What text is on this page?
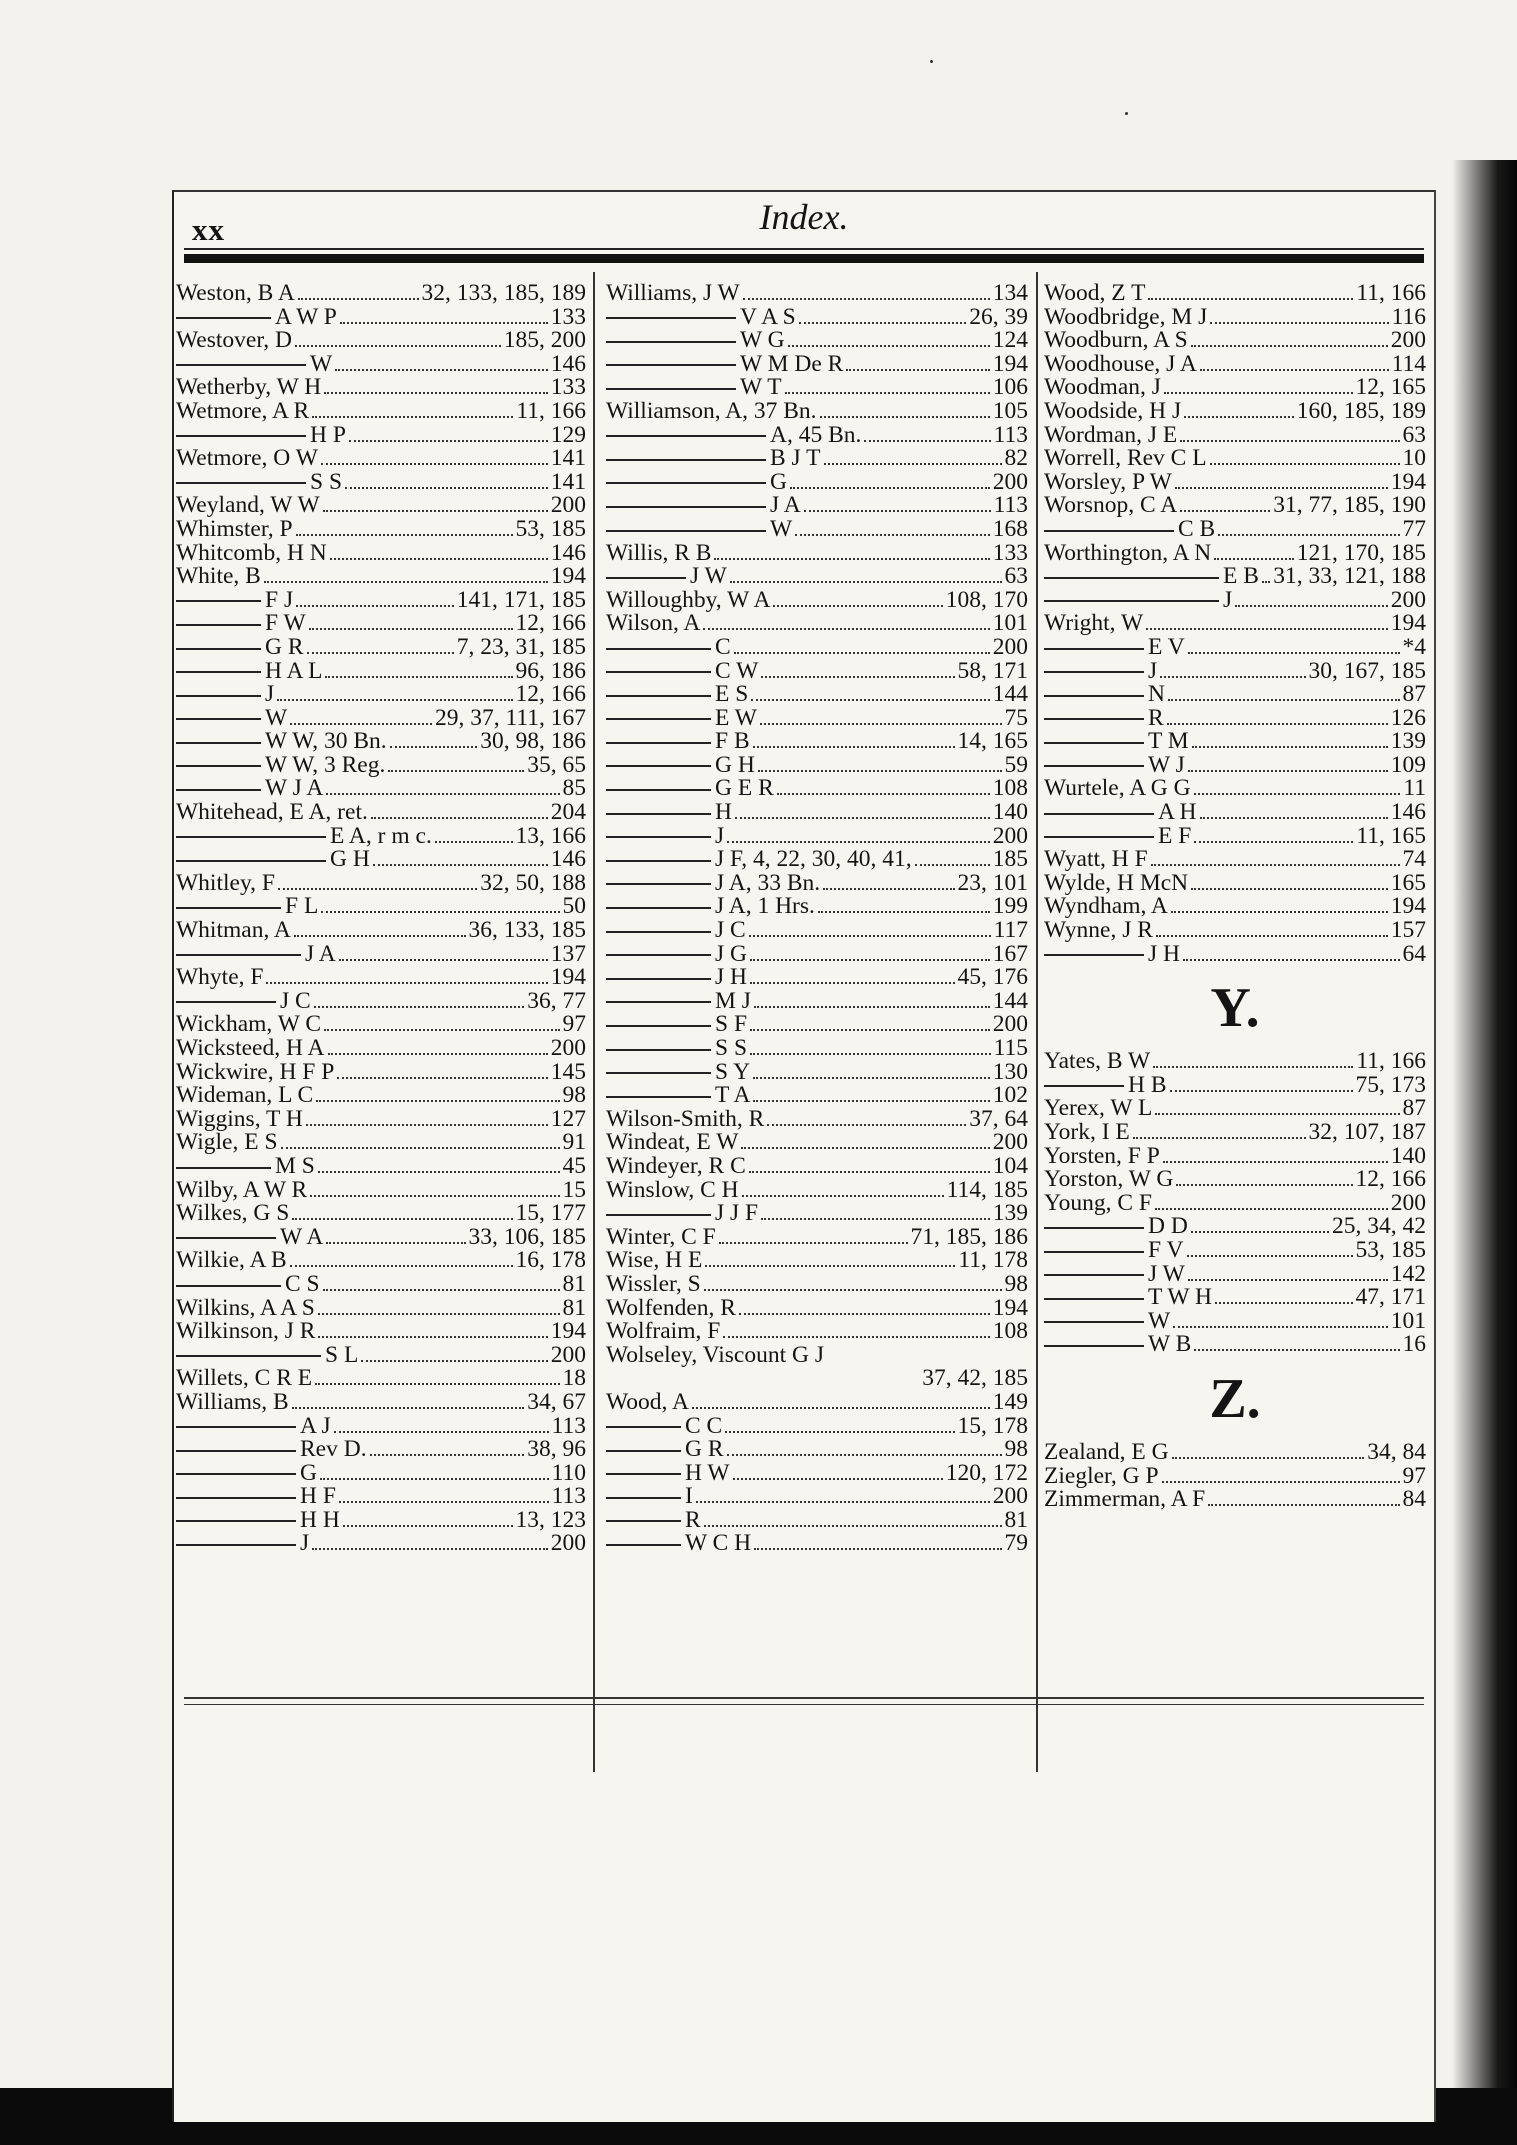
xx	Index.
Weston, B A	32, 133, 185, 189
A W P	133
Westover, D	185, 200
W	146
Wetherby, W H	133
Wetmore, A R	11, 166
H P	129
Wetmore, O W	141
S S	141
Weyland, W W	200
Whimster, P	53, 185
Whitcomb, H N	146
White, B	194
F J	141, 171, 185
F W	12, 166
G R	7, 23, 31, 185
H A L	96, 186
J	12, 166
W	29, 37, 111, 167
W W, 30 Bn.	30, 98, 186
W W, 3 Reg.	35, 65
W J A	85
Whitehead, E A, ret.	204
E A, r m c.	13, 166
G H	146
Whitley, F	32, 50, 188
F L	50
Whitman, A	36, 133, 185
J A	137
Whyte, F	194
J C	36, 77
Wickham, W C	97
Wicksteed, H A	200
Wickwire, H F P	145
Wideman, L C	98
Wiggins, T H	127
Wigle, E S	91
M S	45
Wilby, A W R	15
Wilkes, G S	15, 177
W A	33, 106, 185
Wilkie, A B	16, 178
C S	81
Wilkins, A A S	81
Wilkinson, J R	194
S L	200
Willets, C R E	18
Williams, B	34, 67
A J	113
Rev D.	38, 96
G	110
H F	113
H H	13, 123
J	200
Williams, J W	134
V A S	26, 39
W G	124
W M De R	194
W T	106
Williamson, A, 37 Bn.	105
A, 45 Bn.	113
B J T	82
G	200
J A	113
W	168
Willis, R B	133
J W	63
Willoughby, W A	108, 170
Wilson, A	101
C	200
C W	58, 171
E S	144
E W	75
F B	14, 165
G H	59
G E R	108
H	140
J	200
J F, 4, 22, 30, 40, 41,	185
J A, 33 Bn.	23, 101
J A, 1 Hrs.	199
J C	117
J G	167
J H	45, 176
M J	144
S F	200
S S	115
S Y	130
T A	102
Wilson-Smith, R	37, 64
Windeat, E W	200
Windeyer, R C	104
Winslow, C H	114, 185
J J F	139
Winter, C F	71, 185, 186
Wise, H E	11, 178
Wissler, S	98
Wolfenden, R	194
Wolfraim, F	108
Wolseley, Viscount G J
37, 42, 185
Wood, A	149
C C	15, 178
G R	98
H W	120, 172
I	200
R	81
W C H	79
Wood, Z T	11, 166
Woodbridge, M J	116
Woodburn, A S	200
Woodhouse, J A	114
Woodman, J	12, 165
Woodside, H J	160, 185, 189
Wordman, J E	63
Worrell, Rev C L	10
Worsley, P W	194
Worsnop, C A	31, 77, 185, 190
C B	77
Worthington, A N	121, 170, 185
E B 31, 33, 121, 188
J	200
Wright, W	194
E V	*4
J	30, 167, 185
N	87
R	126
T M	139
W J	109
Wurtele, A G G	11
A H	146
E F	11, 165
Wyatt, H F	74
Wylde, H McN	165
Wyndham, A	194
Wynne, J R	157
J H	64
Y.
Yates, B W	11, 166
H B	75, 173
Yerex, W L	87
York, I E	32, 107, 187
Yorsten, F P	140
Yorston, W G	12, 166
Young, C F	200
D D	25, 34, 42
F V	53, 185
J W	142
T W H	47, 171
W	101
W B	16
Z.
Zealand, E G	34, 84
Ziegler, G P	97
Zimmerman, A F	84
